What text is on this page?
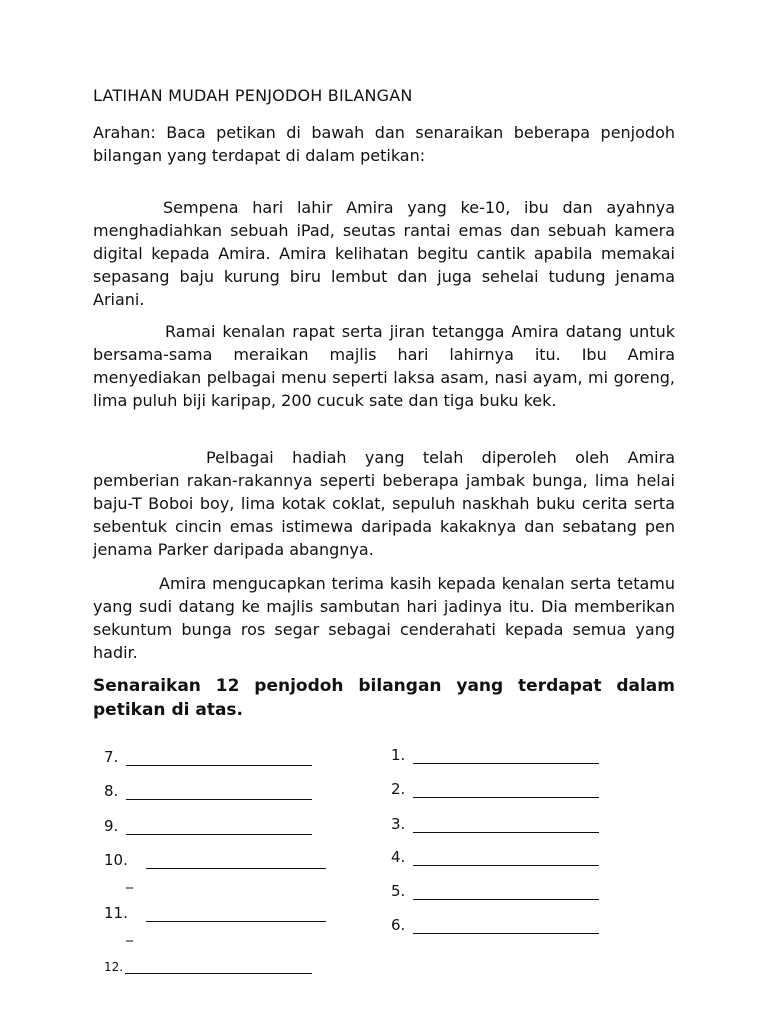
LATIHAN MUDAH PENJODOH BILANGAN
Arahan: Baca petikan di bawah dan senaraikan beberapa penjodoh bilangan yang terdapat di dalam petikan:
Sempena hari lahir Amira yang ke-10, ibu dan ayahnya menghadiahkan sebuah iPad, seutas rantai emas dan sebuah kamera digital kepada Amira. Amira kelihatan begitu cantik apabila memakai sepasang baju kurung biru lembut dan juga sehelai tudung jenama Ariani.
Ramai kenalan rapat serta jiran tetangga Amira datang untuk bersama-sama meraikan majlis hari lahirnya itu. Ibu Amira menyediakan pelbagai menu seperti laksa asam, nasi ayam, mi goreng, lima puluh biji karipap, 200 cucuk sate dan tiga buku kek.
Pelbagai hadiah yang telah diperoleh oleh Amira pemberian rakan-rakannya seperti beberapa jambak bunga, lima helai baju-T Boboi boy, lima kotak coklat, sepuluh naskhah buku cerita serta sebentuk cincin emas istimewa daripada kakaknya dan sebatang pen jenama Parker daripada abangnya.
Amira mengucapkan terima kasih kepada kenalan serta tetamu yang sudi datang ke majlis sambutan hari jadinya itu. Dia memberikan sekuntum bunga ros segar sebagai cenderahati kepada semua yang hadir.
Senaraikan 12 penjodoh bilangan yang terdapat dalam petikan di atas.
7.
8.
9.
10.
_
11.
_
12.
1.
2.
3.
4.
5.
6.
